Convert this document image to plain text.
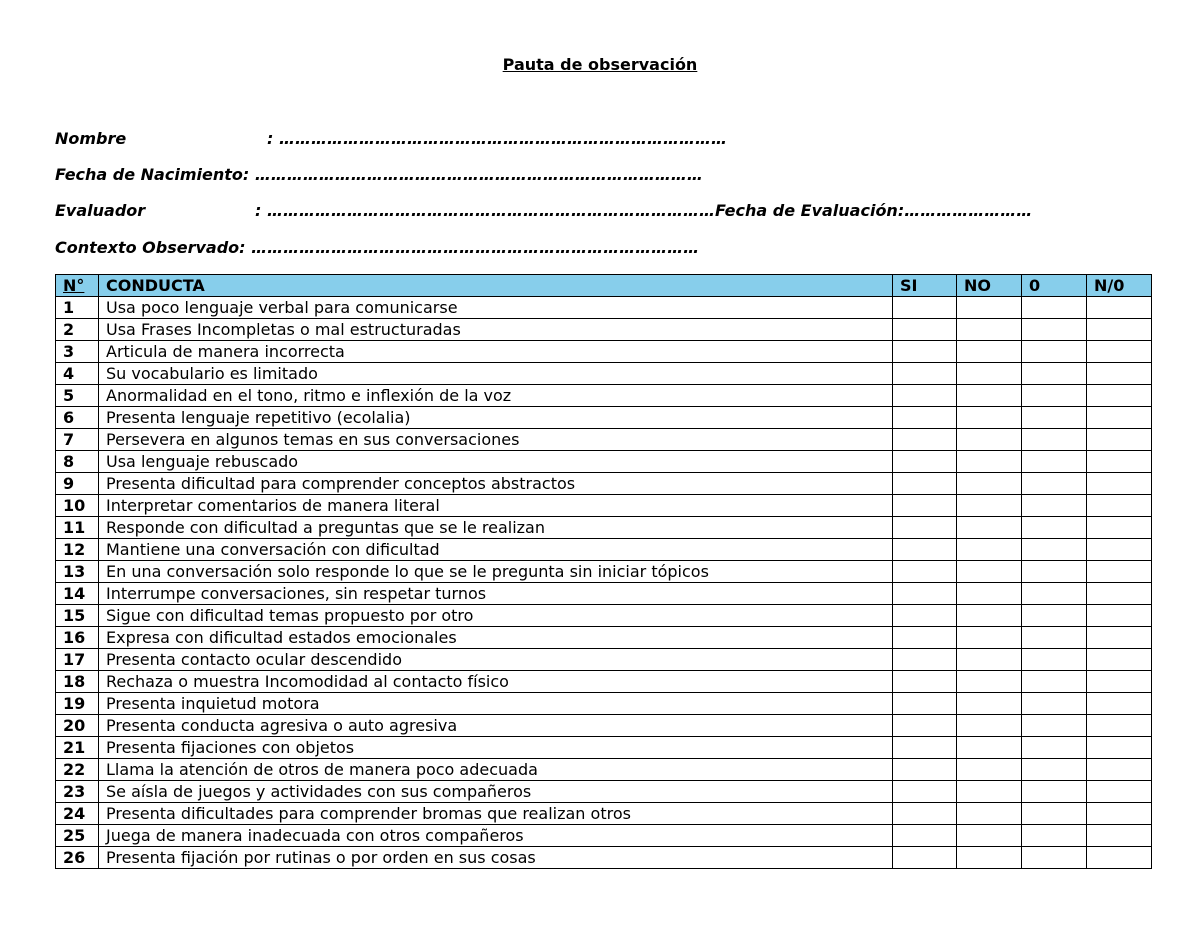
Pauta de observación
Nombre	: …………………………………………………………………………
Fecha de Nacimiento: …………………………………………………………………………
Evaluador	: …………………………………………………………………………Fecha de Evaluación:……………………
Contexto Observado: …………………………………………………………………………
N°	CONDUCTA	SI	NO	0	N/0
1	Usa poco lenguaje verbal para comunicarse				
2	Usa Frases Incompletas o mal estructuradas				
3	Articula de manera incorrecta				
4	Su vocabulario es limitado				
5	Anormalidad en el tono, ritmo e inflexión de la voz				
6	Presenta lenguaje repetitivo (ecolalia)				
7	Persevera en algunos temas en sus conversaciones				
8	Usa lenguaje rebuscado				
9	Presenta dificultad para comprender conceptos abstractos				
10	Interpretar comentarios de manera literal				
11	Responde con dificultad a preguntas que se le realizan				
12	Mantiene una conversación con dificultad				
13	En una conversación solo responde lo que se le pregunta sin iniciar tópicos				
14	Interrumpe conversaciones, sin respetar turnos				
15	Sigue con dificultad temas propuesto por otro				
16	Expresa con dificultad estados emocionales				
17	Presenta contacto ocular descendido				
18	Rechaza o muestra Incomodidad al contacto físico				
19	Presenta inquietud motora				
20	Presenta conducta agresiva o auto agresiva				
21	Presenta fijaciones con objetos				
22	Llama la atención de otros de manera poco adecuada				
23	Se aísla de juegos y actividades con sus compañeros				
24	Presenta dificultades para comprender bromas que realizan otros				
25	Juega de manera inadecuada con otros compañeros				
26	Presenta fijación por rutinas o por orden en sus cosas				
